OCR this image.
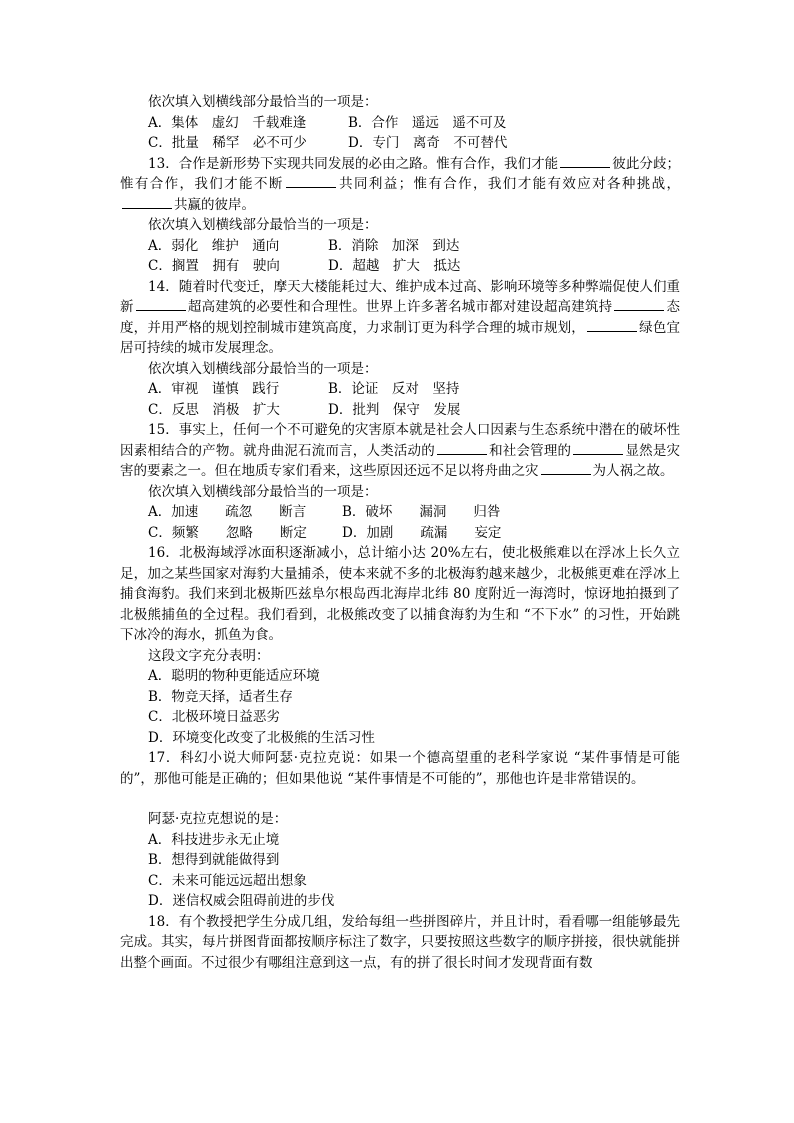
依次填入划横线部分最恰当的一项是：

A．集体　虚幻　千载难逢	B．合作　遥远　遥不可及
C．批量　稀罕　必不可少	D．专门　离奇　不可替代

13．合作是新形势下实现共同发展的必由之路。惟有合作，我们才能	彼此分歧；惟有合作，我们才能不断	共同利益；惟有合作，我们才能有效应对各种挑战，共赢的彼岸。

依次填入划横线部分最恰当的一项是：

A．弱化　维护　通向	B．消除　加深　到达
C．搁置　拥有　驶向	D．超越　扩大　抵达

14．随着时代变迁，摩天大楼能耗过大、维护成本过高、影响环境等多种弊端促使人们重新	超高建筑的必要性和合理性。世界上许多著名城市都对建设超高建筑持	态度，并用严格的规划控制城市建筑高度，力求制订更为科学合理的城市规划，	绿色宜居可持续的城市发展理念。

依次填入划横线部分最恰当的一项是：

A．审视　谨慎　践行	B．论证　反对　坚持
C．反思　消极　扩大	D．批判　保守　发展

15．事实上，任何一个不可避免的灾害原本就是社会人口因素与生态系统中潜在的破坏性因素相结合的产物。就舟曲泥石流而言，人类活动的	和社会管理的	显然是灾害的要素之一。但在地质专家们看来，这些原因还远不足以将舟曲之灾	为人祸之故。

依次填入划横线部分最恰当的一项是：

A．加速　　疏忽　　断言	B．破坏　　漏洞　　归咎
C．频繁　　忽略　　断定	D．加剧　　疏漏　　妄定

16．北极海域浮冰面积逐渐减小，总计缩小达 20%左右，使北极熊难以在浮冰上长久立足，加之某些国家对海豹大量捕杀，使本来就不多的北极海豹越来越少，北极熊更难在浮冰上捕食海豹。我们来到北极斯匹兹阜尔根岛西北海岸北纬 80 度附近一海湾时，惊讶地拍摄到了北极熊捕鱼的全过程。我们看到，北极熊改变了以捕食海豹为生和 “不下水” 的习性，开始跳下冰冷的海水，抓鱼为食。

这段文字充分表明：

A．聪明的物种更能适应环境

B．物竞天择，适者生存

C．北极环境日益恶劣

D．环境变化改变了北极熊的生活习性

17．科幻小说大师阿瑟·克拉克说：如果一个德高望重的老科学家说 “某件事情是可能的”，那他可能是正确的；但如果他说 “某件事情是不可能的”，那他也许是非常错误的。

阿瑟·克拉克想说的是：

A．科技进步永无止境

B．想得到就能做得到

C．未来可能远远超出想象

D．迷信权威会阻碍前进的步伐

18．有个教授把学生分成几组，发给每组一些拼图碎片，并且计时，看看哪一组能够最先完成。其实，每片拼图背面都按顺序标注了数字，只要按照这些数字的顺序拼接，很快就能拼出整个画面。不过很少有哪组注意到这一点，有的拼了很长时间才发现背面有数
